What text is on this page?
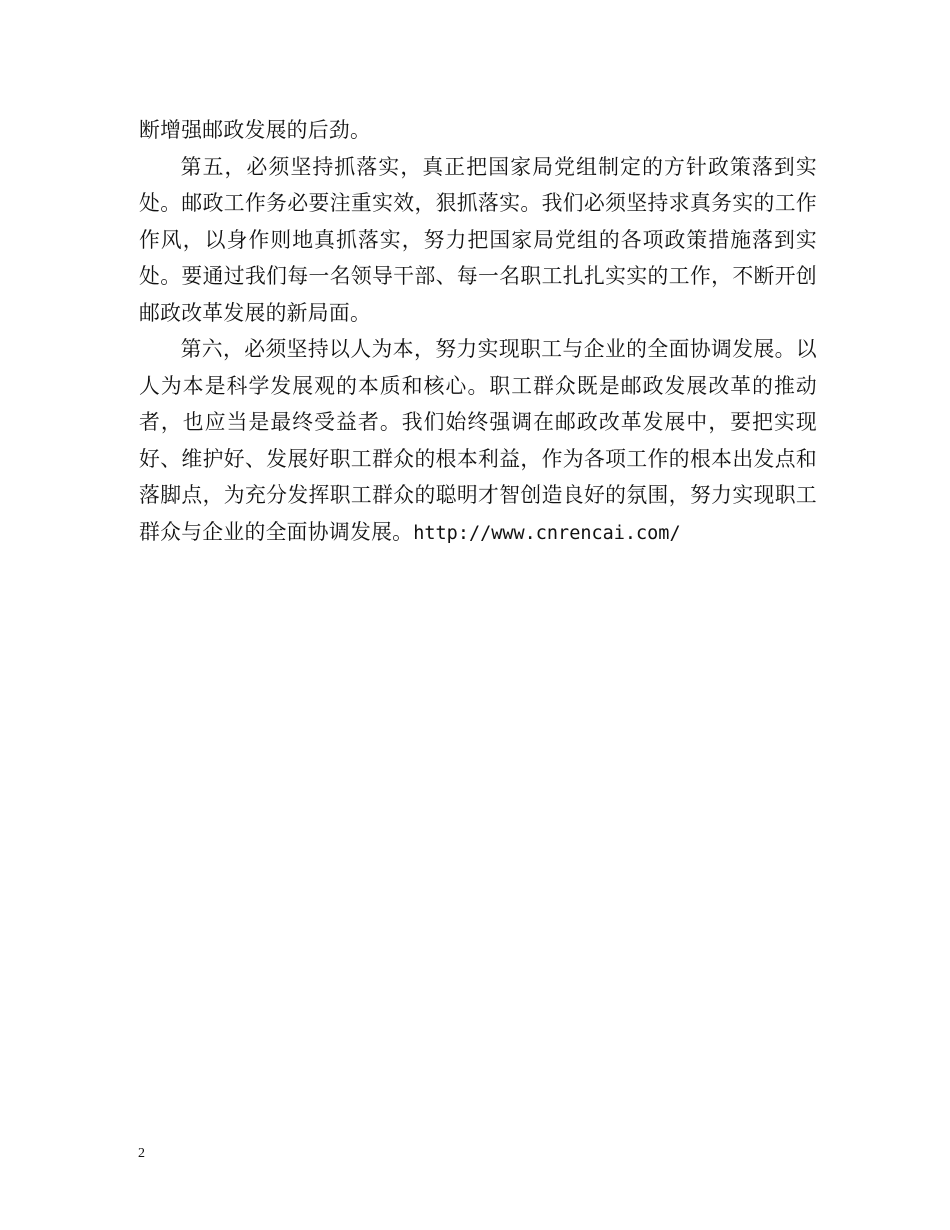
断增强邮政发展的后劲。

第五，必须坚持抓落实，真正把国家局党组制定的方针政策落到实处。邮政工作务必要注重实效，狠抓落实。我们必须坚持求真务实的工作作风，以身作则地真抓落实，努力把国家局党组的各项政策措施落到实处。要通过我们每一名领导干部、每一名职工扎扎实实的工作，不断开创邮政改革发展的新局面。

第六，必须坚持以人为本，努力实现职工与企业的全面协调发展。以人为本是科学发展观的本质和核心。职工群众既是邮政发展改革的推动者，也应当是最终受益者。我们始终强调在邮政改革发展中，要把实现好、维护好、发展好职工群众的根本利益，作为各项工作的根本出发点和落脚点，为充分发挥职工群众的聪明才智创造良好的氛围，努力实现职工群众与企业的全面协调发展。http://www.cnrencai.com/

2
